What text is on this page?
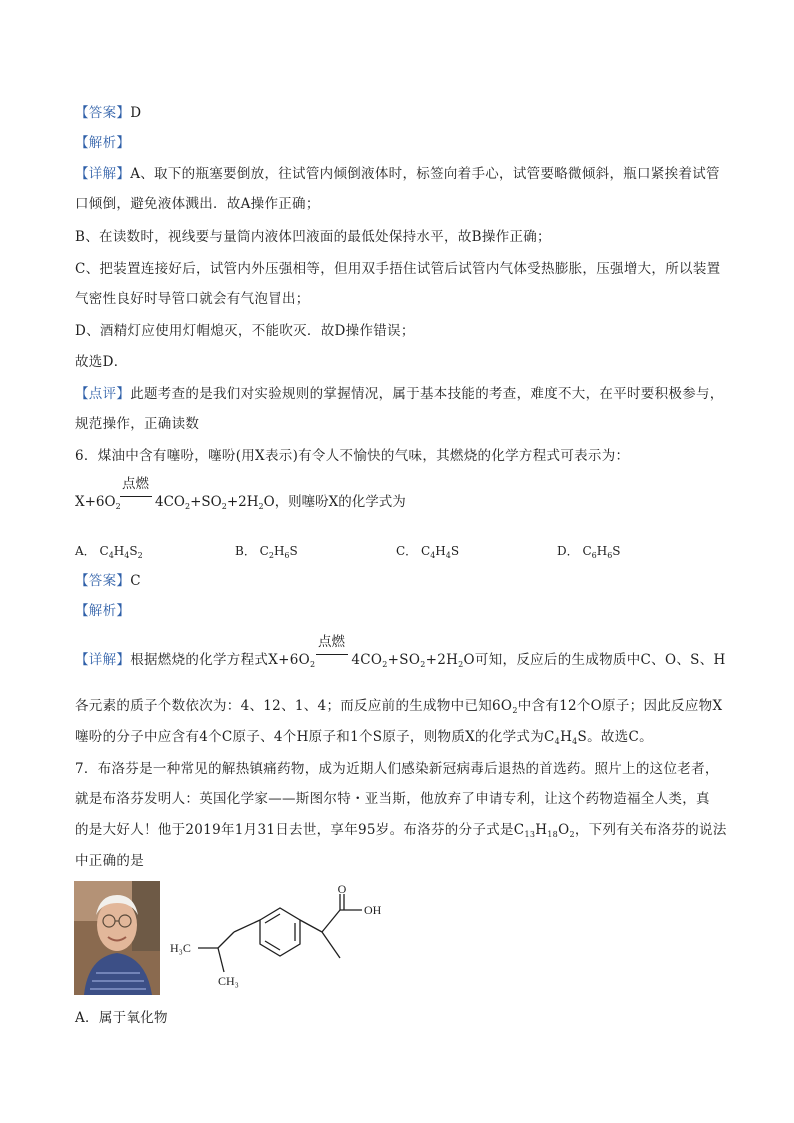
【答案】D
【解析】
【详解】A、取下的瓶塞要倒放，往试管内倾倒液体时，标签向着手心，试管要略微倾斜，瓶口紧挨着试管
口倾倒，避免液体溅出．故A操作正确；
B、在读数时，视线要与量筒内液体凹液面的最低处保持水平，故B操作正确；
C、把装置连接好后，试管内外压强相等，但用双手捂住试管后试管内气体受热膨胀，压强增大，所以装置
气密性良好时导管口就会有气泡冒出；
D、酒精灯应使用灯帽熄灭，不能吹灭．故D操作错误；
故选D．
【点评】此题考查的是我们对实验规则的掌握情况，属于基本技能的考查，难度不大，在平时要积极参与，
规范操作，正确读数
6．煤油中含有噻吩，噻吩(用X表示)有令人不愉快的气味，其燃烧的化学方程式可表示为：
$X+6O_2$
点燃
$4CO_2+SO_2+2H_2O$，则噻吩X的化学式为
A． $C_4H_4S_2$	B． $C_2H_6S$	C． $C_4H_4S$	D． $C_6H_6S$
【答案】C
【解析】
【详解】根据燃烧的化学方程式$X+6O_2$	$4CO_2+SO_2+2H_2O$可知，反应后的生成物质中C、O、S、H
点燃
各元素的质子个数依次为：4、12、1、4；而反应前的生成物中已知$6O_2$中含有12个O原子；因此反应物X
噻吩的分子中应含有4个C原子、4个H原子和1个S原子，则物质X的化学式为$C_4H_4S$。故选C。
7．布洛芬是一种常见的解热镇痛药物，成为近期人们感染新冠病毒后退热的首选药。照片上的这位老者，
就是布洛芬发明人：英国化学家——斯图尔特・亚当斯，他放弃了申请专利，让这个药物造福全人类，真
的是大好人！他于2019年1月31日去世，享年95岁。布洛芬的分子式是$C_{13}H_{18}O_2$，下列有关布洛芬的说法
中正确的是
O
OH
H₃C
CH₃
A．属于氧化物
